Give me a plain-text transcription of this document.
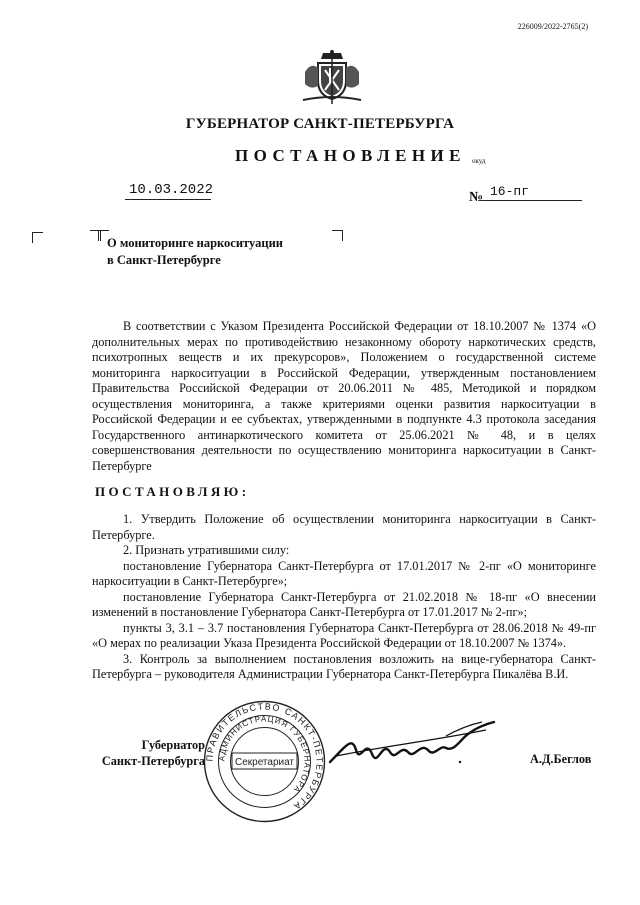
226009/2022-2765(2)
ГУБЕРНАТОР САНКТ-ПЕТЕРБУРГА
ПОСТАНОВЛЕНИЕ окуд
10.03.2022	№ 16-пг
О мониторинге наркоситуации
в Санкт-Петербурге

В соответствии с Указом Президента Российской Федерации от 18.10.2007 № 1374 «О дополнительных мерах по противодействию незаконному обороту наркотических средств, психотропных веществ и их прекурсоров», Положением о государственной системе мониторинга наркоситуации в Российской Федерации, утвержденным постановлением Правительства Российской Федерации от 20.06.2011 № 485, Методикой и порядком осуществления мониторинга, а также критериями оценки развития наркоситуации в Российской Федерации и ее субъектах, утвержденными в подпункте 4.3 протокола заседания Государственного антинаркотического комитета от 25.06.2021 № 48, и в целях совершенствования деятельности по осуществлению мониторинга наркоситуации в Санкт-Петербурге

ПОСТАНОВЛЯЮ:

1. Утвердить Положение об осуществлении мониторинга наркоситуации в Санкт-Петербурге.

2. Признать утратившими силу:

постановление Губернатора Санкт-Петербурга от 17.01.2017 № 2-пг «О мониторинге наркоситуации в Санкт-Петербурге»;

постановление Губернатора Санкт-Петербурга от 21.02.2018 № 18-пг «О внесении изменений в постановление Губернатора Санкт-Петербурга от 17.01.2017 № 2-пг»;

пункты 3, 3.1 – 3.7 постановления Губернатора Санкт-Петербурга от 28.06.2018 № 49-пг «О мерах по реализации Указа Президента Российской Федерации от 18.10.2007 № 1374».

3. Контроль за выполнением постановления возложить на вице-губернатора Санкт-Петербурга – руководителя Администрации Губернатора Санкт-Петербурга Пикалёва В.И.

Губернатор
Санкт-Петербурга ПРАВИТЕЛЬСТВО САНКТ-ПЕТЕРБУРГА
АДМИНИСТРАЦИЯ ГУБЕРНАТОРА
Секретариат	А.Д.Беглов
